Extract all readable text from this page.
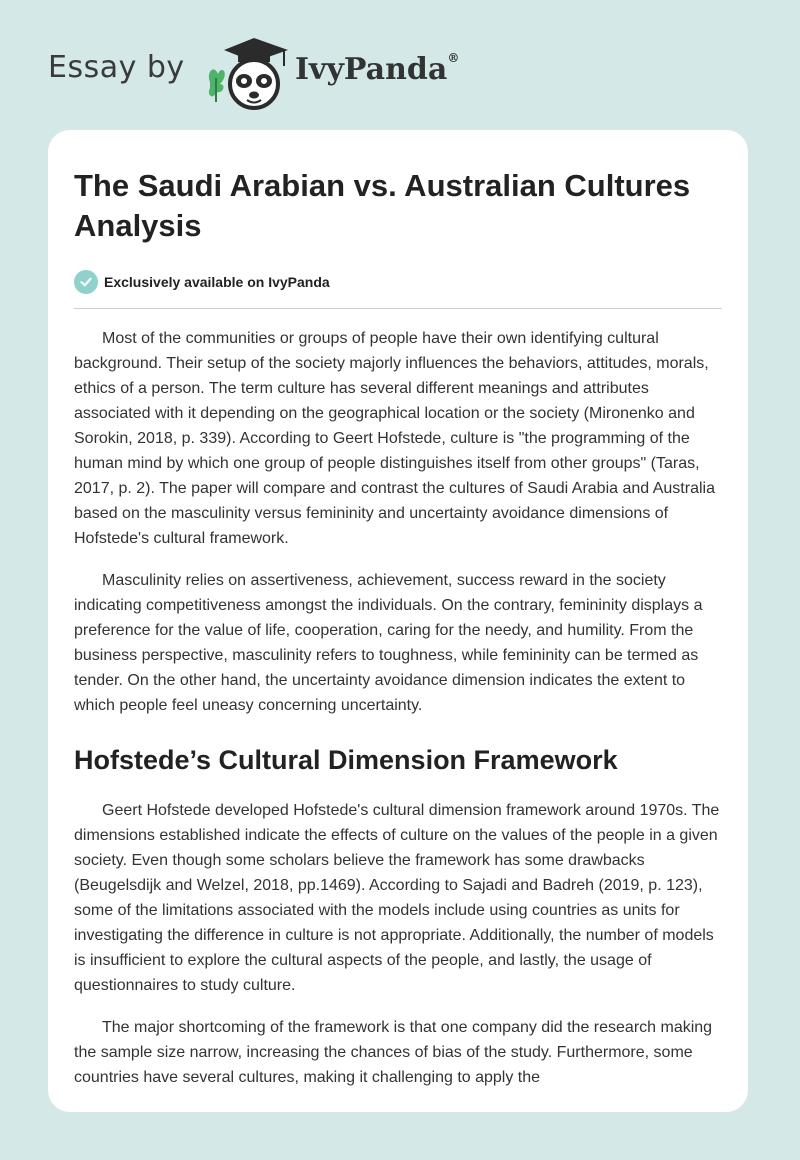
Essay by	IvyPanda®
The Saudi Arabian vs. Australian Cultures Analysis
Exclusively available on IvyPanda

Most of the communities or groups of people have their own identifying cultural background. Their setup of the society majorly influences the behaviors, attitudes, morals, ethics of a person. The term culture has several different meanings and attributes associated with it depending on the geographical location or the society (Mironenko and Sorokin, 2018, p. 339). According to Geert Hofstede, culture is "the programming of the human mind by which one group of people distinguishes itself from other groups" (Taras, 2017, p. 2). The paper will compare and contrast the cultures of Saudi Arabia and Australia based on the masculinity versus femininity and uncertainty avoidance dimensions of Hofstede's cultural framework.

Masculinity relies on assertiveness, achievement, success reward in the society indicating competitiveness amongst the individuals. On the contrary, femininity displays a preference for the value of life, cooperation, caring for the needy, and humility. From the business perspective, masculinity refers to toughness, while femininity can be termed as tender. On the other hand, the uncertainty avoidance dimension indicates the extent to which people feel uneasy concerning uncertainty.

Hofstede’s Cultural Dimension Framework

Geert Hofstede developed Hofstede's cultural dimension framework around 1970s. The dimensions established indicate the effects of culture on the values of the people in a given society. Even though some scholars believe the framework has some drawbacks (Beugelsdijk and Welzel, 2018, pp.1469). According to Sajadi and Badreh (2019, p. 123), some of the limitations associated with the models include using countries as units for investigating the difference in culture is not appropriate. Additionally, the number of models is insufficient to explore the cultural aspects of the people, and lastly, the usage of questionnaires to study culture.

The major shortcoming of the framework is that one company did the research making the sample size narrow, increasing the chances of bias of the study. Furthermore, some countries have several cultures, making it challenging to apply the
